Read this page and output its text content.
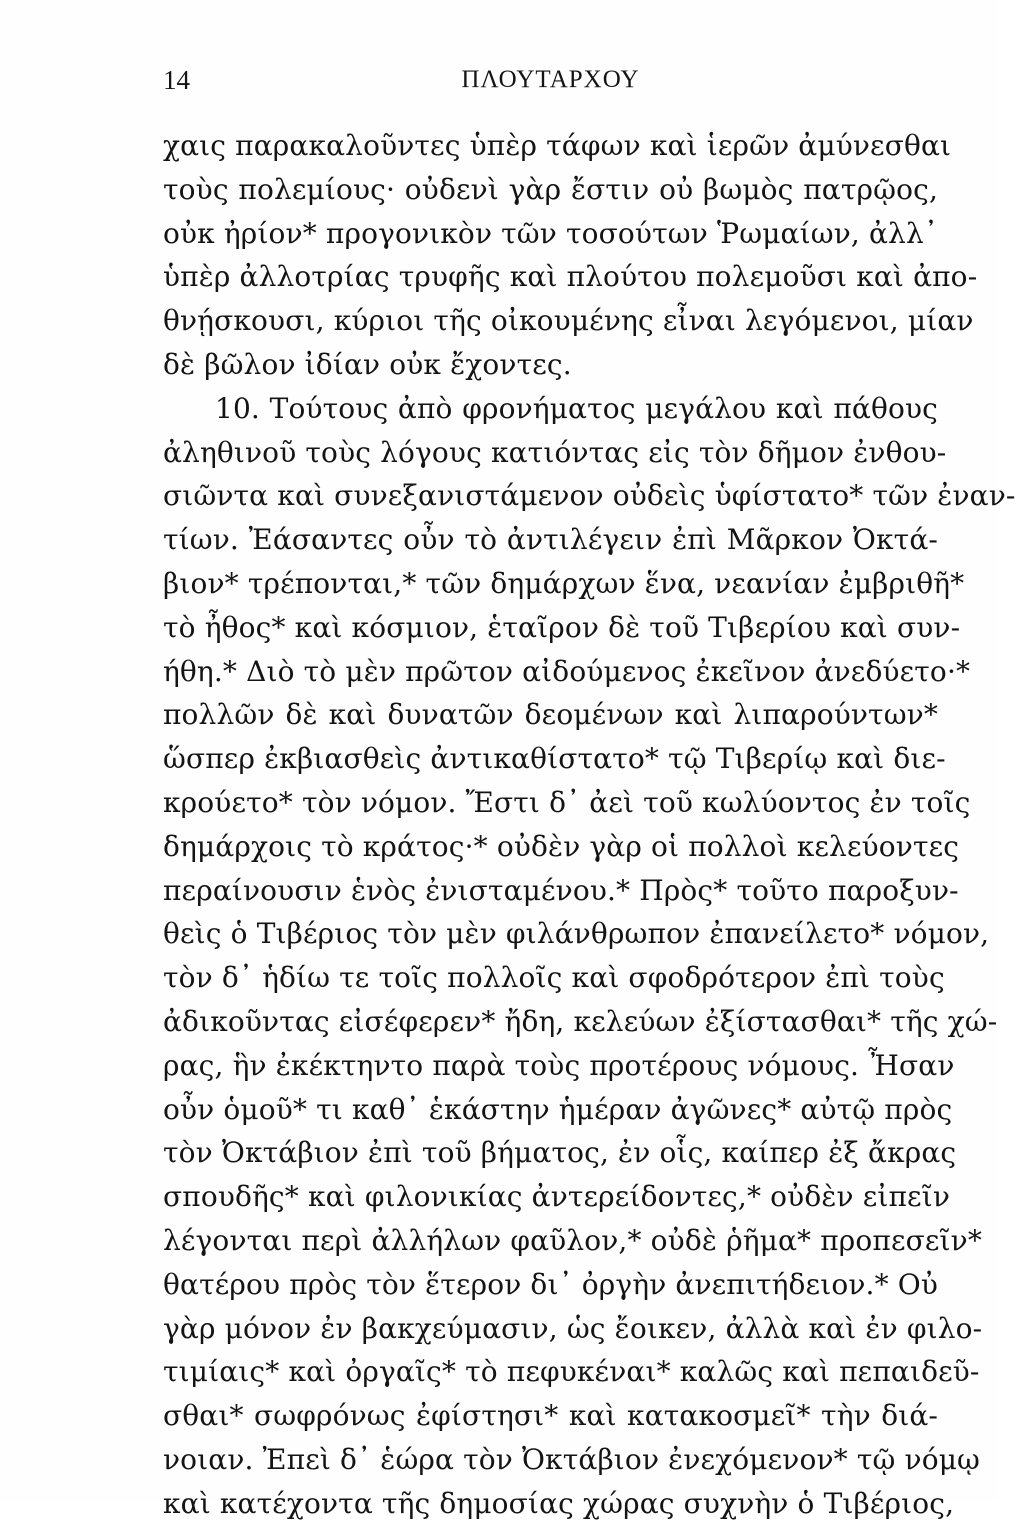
14	ΠΛΟΥΤΑΡΧΟΥ
χαις παρακαλοῦντες ὑπὲρ τάφων καὶ ἱερῶν ἀμύνεσθαι
τοὺς πολεμίους· οὐδενὶ γὰρ ἔστιν οὐ βωμὸς πατρῷος,
οὐκ ἠρίον* προγονικὸν τῶν τοσούτων Ῥωμαίων, ἀλλ᾿
ὑπὲρ ἀλλοτρίας τρυφῆς καὶ πλούτου πολεμοῦσι καὶ ἀπο-
θνῄσκουσι, κύριοι τῆς οἰκουμένης εἶναι λεγόμενοι, μίαν
δὲ βῶλον ἰδίαν οὐκ ἔχοντες.
10. Τούτους ἀπὸ φρονήματος μεγάλου καὶ πάθους
ἀληθινοῦ τοὺς λόγους κατιόντας εἰς τὸν δῆμον ἐνθου-
σιῶντα καὶ συνεξανιστάμενον οὐδεὶς ὑφίστατο* τῶν ἐναν-
τίων. Ἐάσαντες οὖν τὸ ἀντιλέγειν ἐπὶ Μᾶρκον Ὀκτά-
βιον* τρέπονται,* τῶν δημάρχων ἕνα, νεανίαν ἐμβριθῆ*
τὸ ἦθος* καὶ κόσμιον, ἑταῖρον δὲ τοῦ Τιβερίου καὶ συν-
ήθη.* Διὸ τὸ μὲν πρῶτον αἰδούμενος ἐκεῖνον ἀνεδύετο·*
πολλῶν δὲ καὶ δυνατῶν δεομένων καὶ λιπαρούντων*
ὥσπερ ἐκβιασθεὶς ἀντικαθίστατο* τῷ Τιβερίῳ καὶ διε-
κρούετο* τὸν νόμον. Ἔστι δ᾿ ἀεὶ τοῦ κωλύοντος ἐν τοῖς
δημάρχοις τὸ κράτος·* οὐδὲν γὰρ οἱ πολλοὶ κελεύοντες
περαίνουσιν ἑνὸς ἐνισταμένου.* Πρὸς* τοῦτο παροξυν-
θεὶς ὁ Τιβέριος τὸν μὲν φιλάνθρωπον ἐπανείλετο* νόμον,
τὸν δ᾿ ἡδίω τε τοῖς πολλοῖς καὶ σφοδρότερον ἐπὶ τοὺς
ἀδικοῦντας εἰσέφερεν* ἤδη, κελεύων ἐξίστασθαι* τῆς χώ-
ρας, ἣν ἐκέκτηντο παρὰ τοὺς προτέρους νόμους. Ἦσαν
οὖν ὁμοῦ* τι καθ᾿ ἑκάστην ἡμέραν ἀγῶνες* αὐτῷ πρὸς
τὸν Ὀκτάβιον ἐπὶ τοῦ βήματος, ἐν οἷς, καίπερ ἐξ ἄκρας
σπουδῆς* καὶ φιλονικίας ἀντερείδοντες,* οὐδὲν εἰπεῖν
λέγονται περὶ ἀλλήλων φαῦλον,* οὐδὲ ῥῆμα* προπεσεῖν*
θατέρου πρὸς τὸν ἕτερον δι᾿ ὀργὴν ἀνεπιτήδειον.* Οὐ
γὰρ μόνον ἐν βακχεύμασιν, ὡς ἔοικεν, ἀλλὰ καὶ ἐν φιλο-
τιμίαις* καὶ ὀργαῖς* τὸ πεφυκέναι* καλῶς καὶ πεπαιδεῦ-
σθαι* σωφρόνως ἐφίστησι* καὶ κατακοσμεῖ* τὴν διά-
νοιαν. Ἐπεὶ δ᾿ ἑώρα τὸν Ὀκτάβιον ἐνεχόμενον* τῷ νόμῳ
καὶ κατέχοντα τῆς δημοσίας χώρας συχνὴν ὁ Τιβέριος,
